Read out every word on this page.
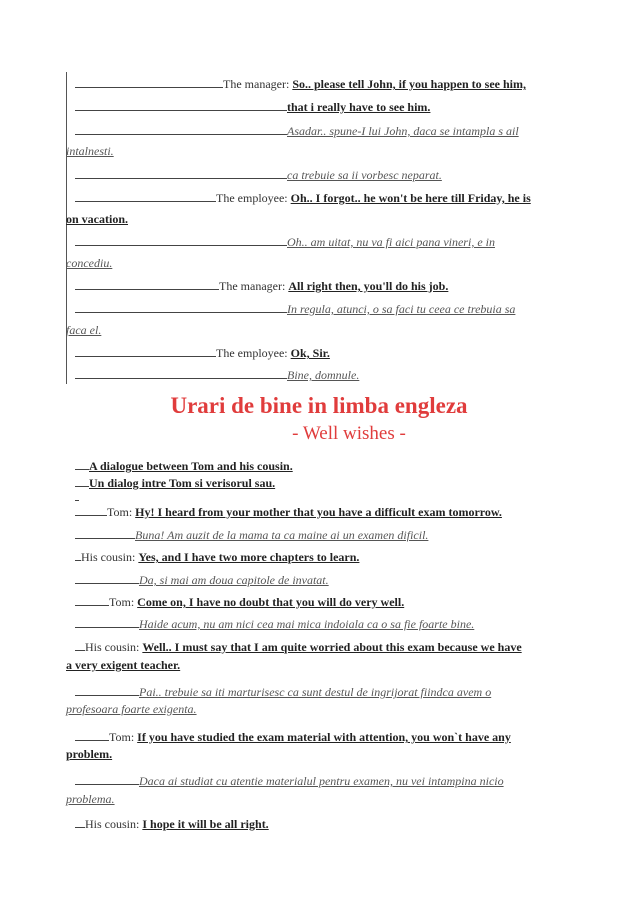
The manager: So.. please tell John, if you happen to see him,
that i really have to see him.
Asadar.. spune-I lui John, daca se intampla s ail
intalnesti.
ca trebuie sa ii vorbesc neparat.
The employee: Oh.. I forgot.. he won't be here till Friday, he is
on vacation.
Oh.. am uitat, nu va fi aici pana vineri, e in
concediu.
The manager: All right then, you'll do his job.
In regula, atunci, o sa faci tu ceea ce trebuia sa
faca el.
The employee: Ok, Sir.
Bine, domnule.
Urari de bine in limba engleza
- Well wishes -
A dialogue between Tom and his cousin.
Un dialog intre Tom si verisorul sau.
Tom: Hy! I heard from your mother that you have a difficult exam tomorrow.
Buna! Am auzit de la mama ta ca maine ai un examen dificil.
His cousin: Yes, and I have two more chapters to learn.
Da, si mai am doua capitole de invatat.
Tom: Come on, I have no doubt that you will do very well.
Haide acum, nu am nici cea mai mica indoiala ca o sa fie foarte bine.
His cousin: Well.. I must say that I am quite worried about this exam because we have
a very exigent teacher.
Pai.. trebuie sa iti marturisesc ca sunt destul de ingrijorat fiindca avem o
profesoara foarte exigenta.
Tom: If you have studied the exam material with attention, you won`t have any
problem.
Daca ai studiat cu atentie materialul pentru examen, nu vei intampina nicio
problema.
His cousin: I hope it will be all right.
